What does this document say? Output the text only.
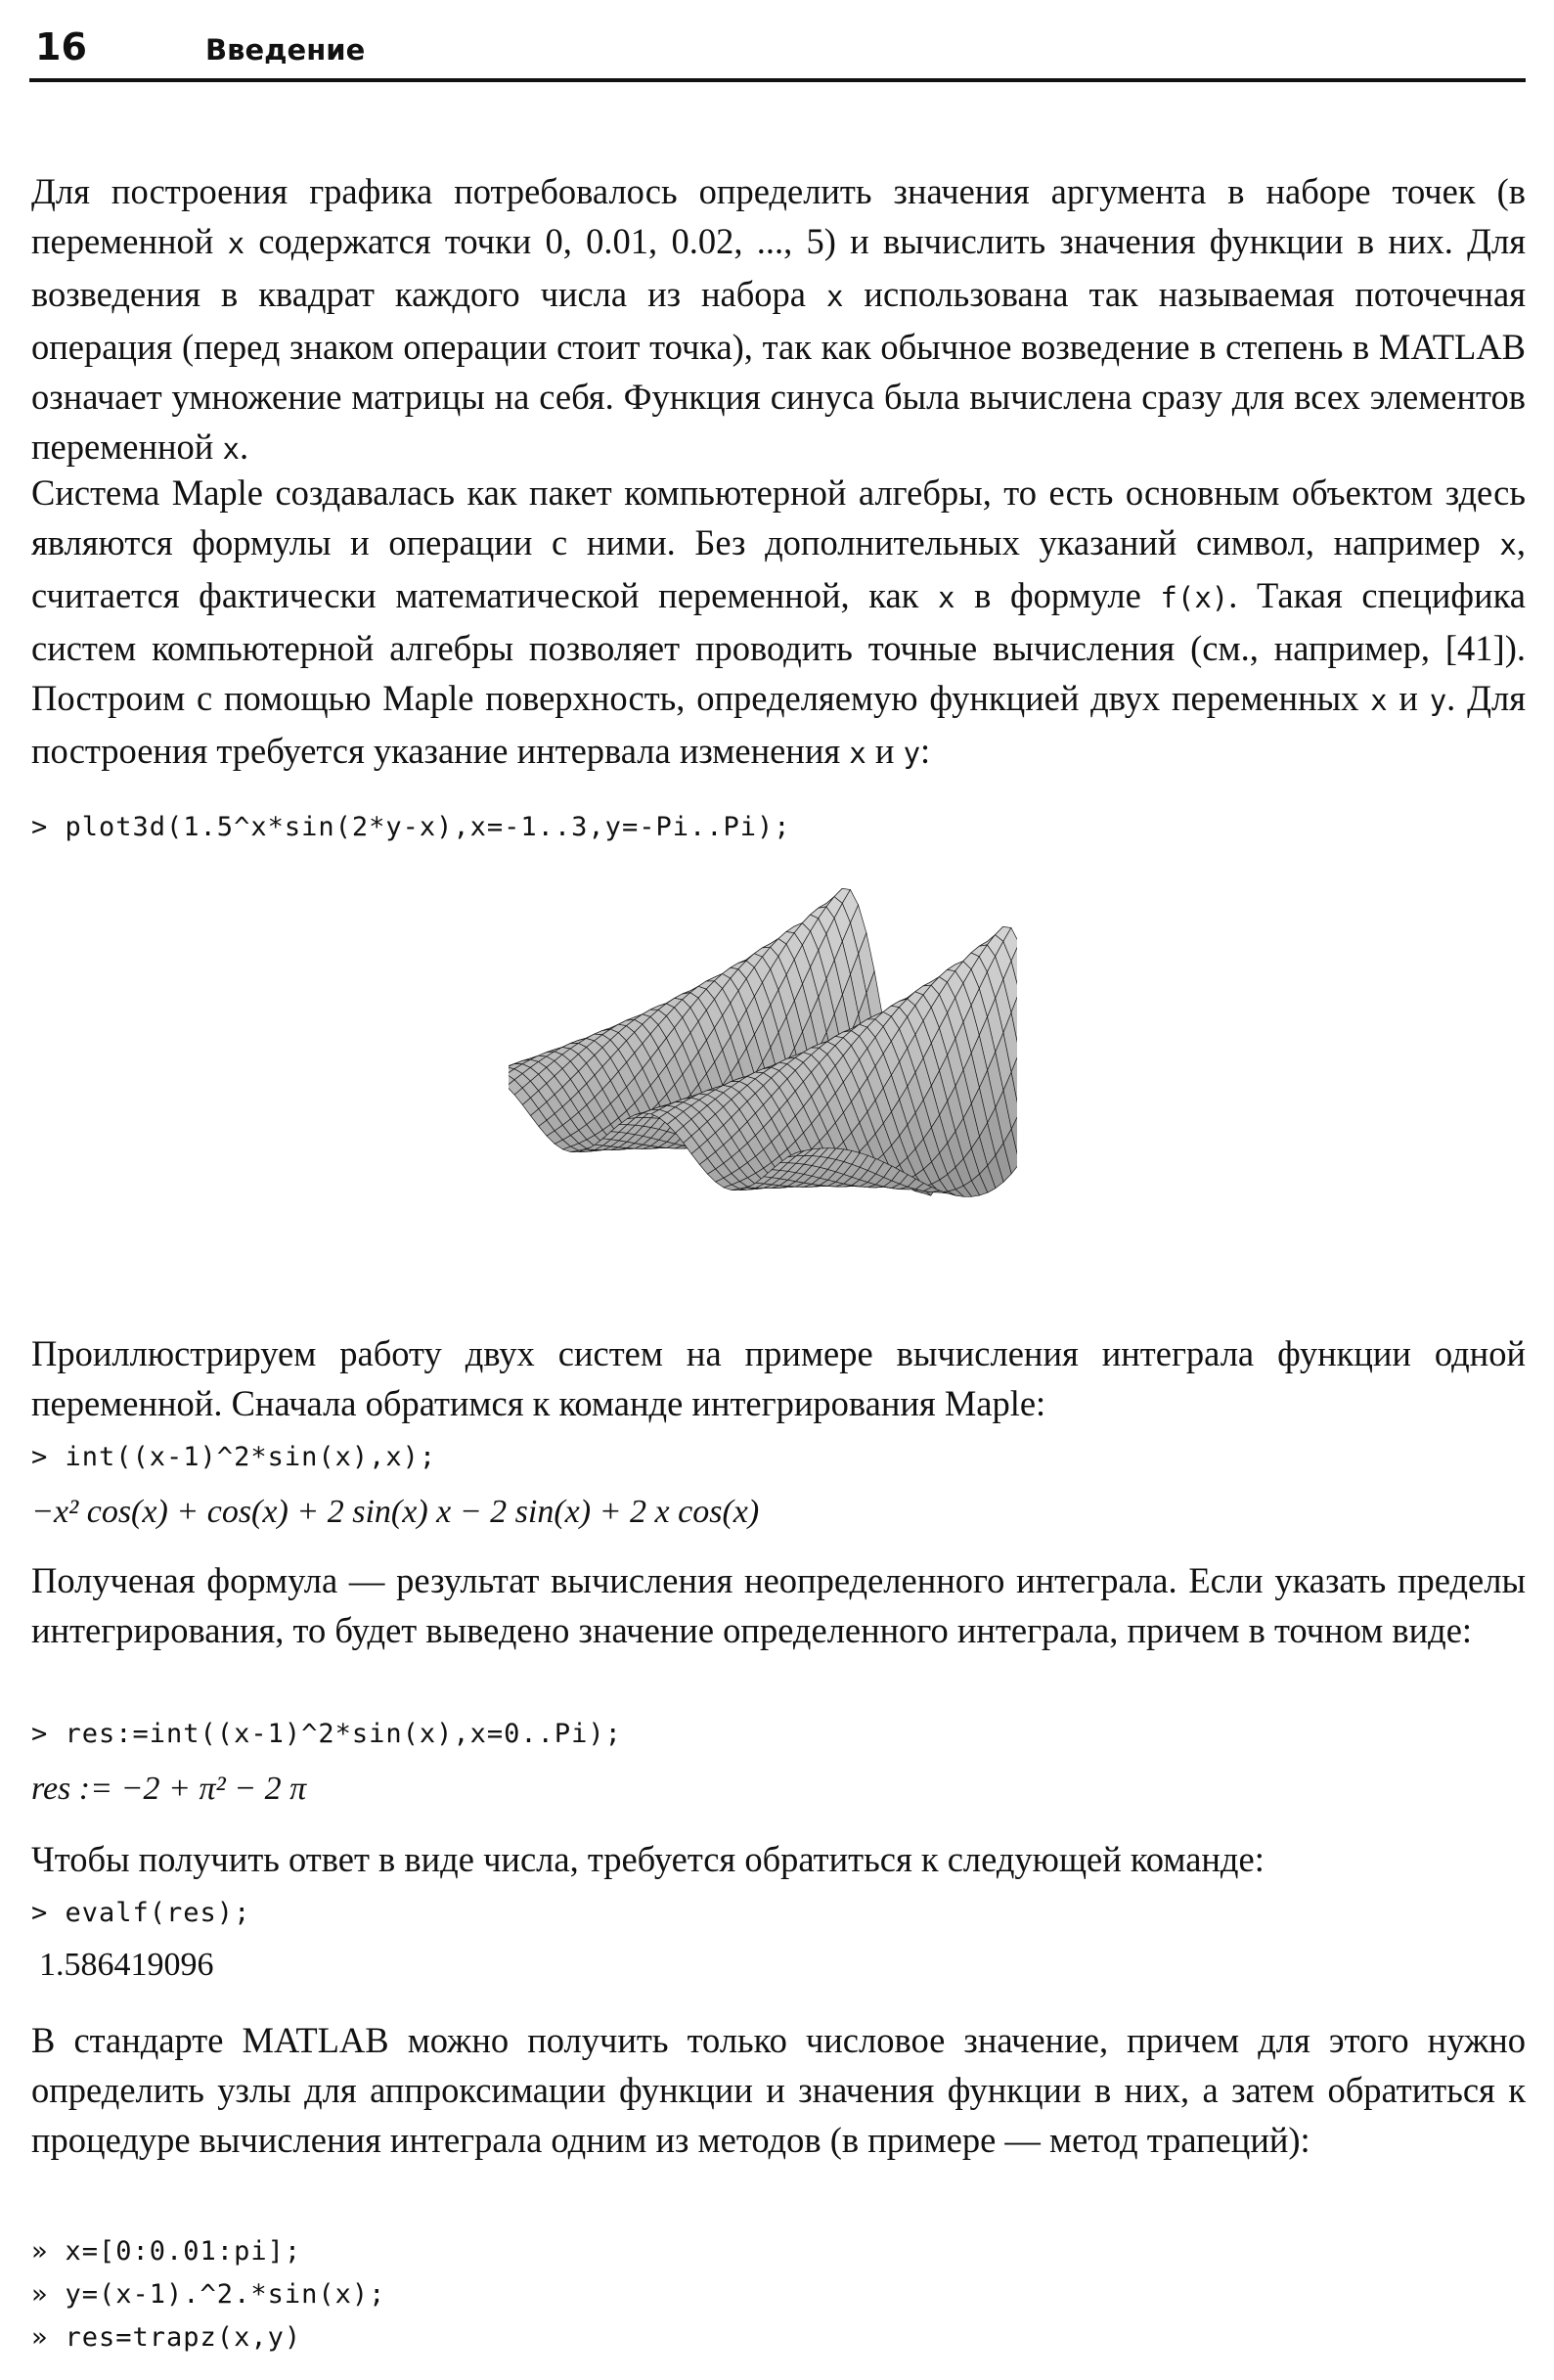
16	Введение

Для построения графика потребовалось определить значения аргумента в наборе точек (в переменной x содержатся точки 0, 0.01, 0.02, ..., 5) и вычислить значения функции в них. Для возведения в квадрат каждого числа из набора x использована так называемая поточечная операция (перед знаком операции стоит точка), так как обычное возведение в степень в MATLAB означает умножение матрицы на себя. Функция синуса была вычислена сразу для всех элементов переменной x.

Система Maple создавалась как пакет компьютерной алгебры, то есть основным объектом здесь являются формулы и операции с ними. Без дополнительных указаний символ, например x, считается фактически математической переменной, как x в формуле f(x). Такая специфика систем компьютерной алгебры позволяет проводить точные вычисления (см., например, [41]). Построим с помощью Maple поверхность, определяемую функцией двух переменных x и y. Для построения требуется указание интервала изменения x и y:

> plot3d(1.5^x*sin(2*y-x),x=-1..3,y=-Pi..Pi);

Проиллюстрируем работу двух систем на примере вычисления интеграла функции одной переменной. Сначала обратимся к команде интегрирования Maple:

> int((x-1)^2*sin(x),x);
−x² cos(x) + cos(x) + 2 sin(x) x − 2 sin(x) + 2 x cos(x)

Полученая формула — результат вычисления неопределенного интеграла. Если указать пределы интегрирования, то будет выведено значение определенного интеграла, причем в точном виде:

> res:=int((x-1)^2*sin(x),x=0..Pi);
res := −2 + π² − 2 π

Чтобы получить ответ в виде числа, требуется обратиться к следующей команде:

> evalf(res);
1.586419096

В стандарте MATLAB можно получить только числовое значение, причем для этого нужно определить узлы для аппроксимации функции и значения функции в них, а затем обратиться к процедуре вычисления интеграла одним из методов (в примере — метод трапеций):

» x=[0:0.01:pi];
» y=(x-1).^2.*sin(x);
» res=trapz(x,y)
